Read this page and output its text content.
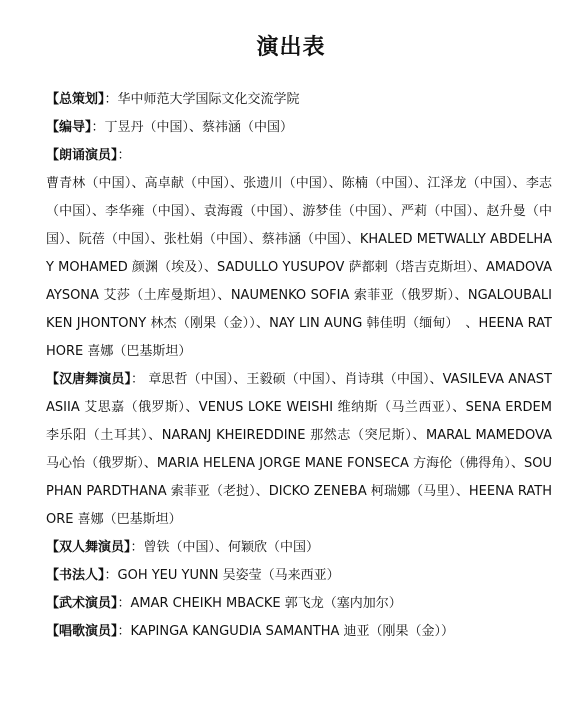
演出表

【总策划】：华中师范大学国际文化交流学院

【编导】：丁昱丹（中国）、蔡祎涵（中国）

【朗诵演员】：

曹青林（中国）、高卓献（中国）、张遗川（中国）、陈楠（中国）、江泽龙（中国）、李志（中国）、李华雍（中国）、袁海霞（中国）、游梦佳（中国）、严莉（中国）、赵升曼（中国）、阮蓓（中国）、张杜娟（中国）、蔡祎涵（中国）、KHALED METWALLY ABDELHAY MOHAMED 颜渊（埃及）、SADULLO YUSUPOV 萨都剌（塔吉克斯坦）、AMADOVA AYSONA 艾莎（土库曼斯坦）、NAUMENKO SOFIA 索菲亚（俄罗斯）、NGALOUBALI KEN JHONTONY 林杰（刚果（金））、NAY LIN AUNG 韩佳明（缅甸）　、HEENA RATHORE 喜娜（巴基斯坦）

【汉唐舞演员】： 章思哲（中国）、王毅硕（中国）、肖诗琪（中国）、VASILEVA ANASTASIIA 艾思嘉（俄罗斯）、VENUS LOKE WEISHI 维纳斯（马兰西亚）、SENA ERDEM 李乐阳（土耳其）、NARANJ KHEIREDDINE 那然志（突尼斯）、MARAL MAMEDOVA 马心怡（俄罗斯）、MARIA HELENA JORGE MANE FONSECA 方海伦（佛得角）、SOUPHAN PARDTHANA 索菲亚（老挝）、DICKO ZENEBA 柯瑞娜（马里）、HEENA RATHORE 喜娜（巴基斯坦）

【双人舞演员】：曾铁（中国）、何颖欣（中国）

【书法人】：GOH YEU YUNN 吴姿莹（马来西亚）

【武术演员】：AMAR CHEIKH MBACKE 郭飞龙（塞内加尔）

【唱歌演员】：KAPINGA KANGUDIA SAMANTHA 迪亚（刚果（金））
